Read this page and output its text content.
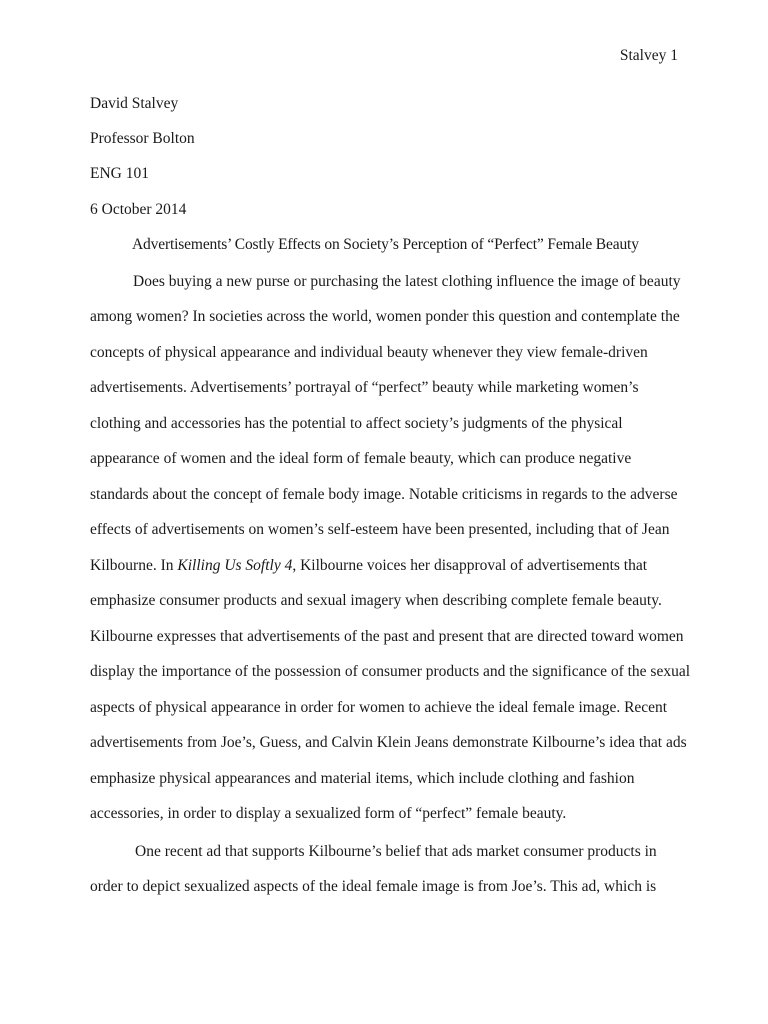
Stalvey 1
David Stalvey
Professor Bolton
ENG 101
6 October 2014
Advertisements’ Costly Effects on Society’s Perception of “Perfect” Female Beauty
Does buying a new purse or purchasing the latest clothing influence the image of beauty
among women? In societies across the world, women ponder this question and contemplate the
concepts of physical appearance and individual beauty whenever they view female-driven
advertisements. Advertisements’ portrayal of “perfect” beauty while marketing women’s
clothing and accessories has the potential to affect society’s judgments of the physical
appearance of women and the ideal form of female beauty, which can produce negative
standards about the concept of female body image. Notable criticisms in regards to the adverse
effects of advertisements on women’s self-esteem have been presented, including that of Jean
Kilbourne. In Killing Us Softly 4, Kilbourne voices her disapproval of advertisements that
emphasize consumer products and sexual imagery when describing complete female beauty.
Kilbourne expresses that advertisements of the past and present that are directed toward women
display the importance of the possession of consumer products and the significance of the sexual
aspects of physical appearance in order for women to achieve the ideal female image. Recent
advertisements from Joe’s, Guess, and Calvin Klein Jeans demonstrate Kilbourne’s idea that ads
emphasize physical appearances and material items, which include clothing and fashion
accessories, in order to display a sexualized form of “perfect” female beauty.
One recent ad that supports Kilbourne’s belief that ads market consumer products in
order to depict sexualized aspects of the ideal female image is from Joe’s. This ad, which is
